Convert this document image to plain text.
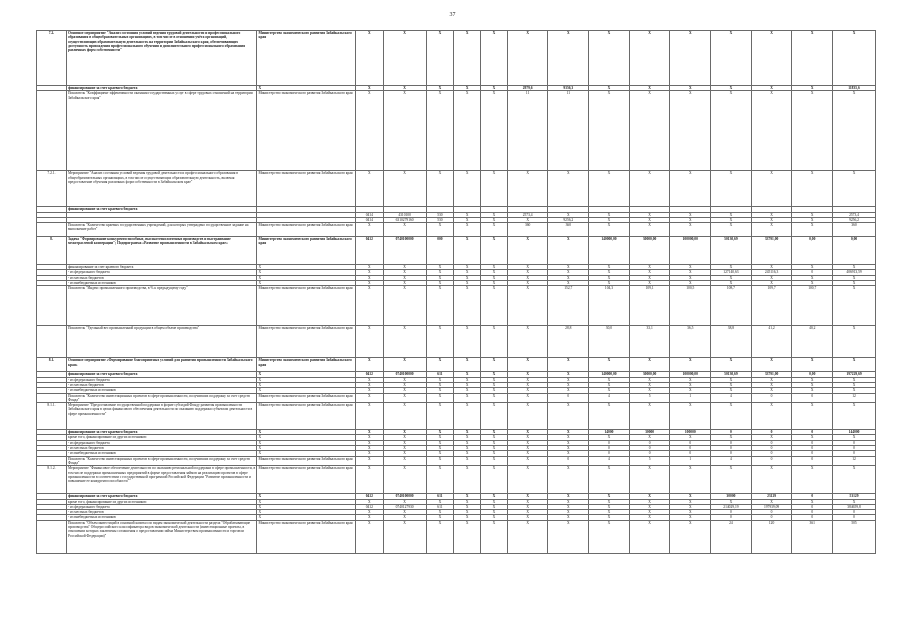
37
7.2.	Основное мероприятие "Анализ состояния условий ведения трудовой деятельности и профессионального образования в общеобразовательных организациях, в том числе в отношении учёта организаций, осуществляющих образовательную деятельность на территории Забайкальского края, обеспечивающих доступность прохождения профессионального обучения и дополнительного профессионального образования различных форм собственности"	Министерство экономического развития Забайкальского края	Х	Х	Х	Х	Х	Х	Х	Х	Х	Х	Х	Х	Х	Х
	финансирование за счет краевого бюджета	Х	Х	Х	Х	Х	Х	2979,6	9356,3	Х	Х	Х	Х	Х	Х	11835,6
	Показатель "Коэффициент эффективности оказания государственных услуг в сфере трудовых отношений на территории Забайкальского края"	Министерство экономического развития Забайкальского края	Х	Х	Х	Х	Х	11	11	Х	Х	Х	Х	Х	Х	Х
7.2.1.	Мероприятие "Анализ состояния условий ведения трудовой деятельности и профессионального образования в общеобразовательных организациях, в том числе осуществляющих образовательную деятельность, включая предоставление обучения различных форм собственности в Забайкальском крае"	Министерство экономического развития Забайкальского края	Х	Х	Х	Х	Х	Х	Х	Х	Х	Х	Х	Х	Х	Х
	финансирование за счет краевого бюджета															
			0414	4310100	530	Х	Х	2573,4	Х	Х	Х	Х	Х	Х	Х	2573,4
			0414	6310279160	530	Х	Х	Х	9256,2	Х	Х	Х	Х	Х	Х	9256,2
	Показатель "Количество краевых государственных учреждений, для которых утверждено государственное задание на выполнение работ"	Министерство экономического развития Забайкальского края	Х	Х	Х	Х	Х	360	360	Х	Х	Х	Х	Х	Х	360
8.	Задача "Формирование конкурентоспособных, высокотехнологичных производств и выстраивание межотраслевой кооперации"; Подпрограмма «Развитие промышленности в Забайкальском крае»	Министерство экономического развития Забайкальского края	0412	0740100000	000	Х	Х	Х	Х	140000,00	30000,00	100000,00	50130,69	33791,00	0,00	0,00
	финансирование за счет краевого бюджета	Х	Х	Х	Х	Х	Х	Х	Х	Х	Х	Х	Х	Х	Х	Х
	- из федерального бюджета	Х	Х	Х	Х	Х	Х	Х	Х	Х	Х	Х	127140,63	245116,3	0	406913,59
	- из местных бюджетов	Х	Х	Х	Х	Х	Х	Х	Х	Х	Х	Х	Х	Х	Х	Х
	- из внебюджетных источников	Х	Х	Х	Х	Х	Х	Х	Х	Х	Х	Х	Х	Х	Х	Х
	Показатель "Индекс промышленного производства, в % к предыдущему году"	Министерство экономического развития Забайкальского края	Х	Х	Х	Х	Х	Х	152,7	104,3	109,1	100,5	108,7	109,7	100,7	Х
	Показатель "Удельный вес промышленной продукции в общем объеме производства"	Министерство экономического развития Забайкальского края	Х	Х	Х	Х	Х	Х	28,8	30,0	33,1	36,5	38,8	41,2	40,2	Х
8.1.	Основное мероприятие «Формирование благоприятных условий для развития промышленности Забайкальского края»	Министерство экономического развития Забайкальского края	Х	Х	Х	Х	Х	Х	Х	Х	Х	Х	Х	Х	Х	Х
	финансирование за счет краевого бюджета	Х	0412	0740100000	611	Х	Х	Х	Х	140000,00	30000,00	100000,00	50130,69	33791,00	0,00	197229,69
	- из федерального бюджета	Х	Х	Х	Х	Х	Х	Х	Х	Х	Х	Х	Х	Х	Х	Х
	- из местных бюджетов	Х	Х	Х	Х	Х	Х	Х	Х	Х	Х	Х	Х	Х	Х	Х
	- из внебюджетных источников	Х	Х	Х	Х	Х	Х	Х	Х	Х	Х	Х	Х	Х	Х	Х
	Показатель "Количество инвестиционных проектов в сфере промышленности, получивших поддержку за счет средств Фонда"	Министерство экономического развития Забайкальского края	Х	Х	Х	Х	Х	Х	0	4	5	1	4	0	0	12
8.1.1.	Мероприятие "Предоставление государственной поддержки в форме субсидий Фонду развития промышленности Забайкальского края в целях финансового обеспечения деятельности по оказанию поддержки субъектам деятельности в сфере промышленности"	Министерство экономического развития Забайкальского края	Х	Х	Х	Х	Х	Х	Х	Х	Х	Х	Х	Х	Х	Х
	финансирование за счет краевого бюджета	Х	Х	Х	Х	Х	Х	Х	Х	14000	30000	100000	0	0	0	144000
	кроме того, финансирование из других источников:	Х	Х	Х	Х	Х	Х	Х	Х	Х	Х	Х	Х	Х	Х	Х
	- из федерального бюджета	Х	Х	Х	Х	Х	Х	Х	Х	0	0	0	0	0	0	0
	- из местных бюджетов	Х	Х	Х	Х	Х	Х	Х	Х	0	0	0	0	0	0	0
	- из внебюджетных источников	Х	Х	Х	Х	Х	Х	Х	Х	0	0	0	0	0	0	0
	Показатель "Количество инвестиционных проектов в сфере промышленности, получивших поддержку за счет средств Фонда"	Министерство экономического развития Забайкальского края	Х	Х	Х	Х	Х	Х	0	4	5	1	4	0	0	12
8.1.2.	Мероприятие "Финансовое обеспечение деятельности по оказанию региональной поддержки в сфере промышленности, в том числе поддержки промышленных предприятий в форме предоставления займов на реализацию проектов в сфере промышленности в соответствии с государственной программой Российской Федерации "Развитие промышленности и повышение ее конкурентоспособности""	Министерство экономического развития Забайкальского края	Х	Х	Х	Х	Х	Х	Х	Х	Х	Х	Х	Х	Х	Х
	финансирование за счет краевого бюджета	Х	0412	0740100000	611	Х	Х	Х	Х	Х	Х	Х	30000	23129	0	53129
	кроме того, финансирование из других источников:	Х	Х	Х	Х	Х	Х	Х	Х	Х	Х	Х	Х	Х	Х	Х
	- из федерального бюджета	Х	0412	0740127930	611	Х	Х	Х	Х	Х	Х	Х	214029,19	197939,09	0	384659,8
	- из местных бюджетов	Х	Х	Х	Х	Х	Х	Х	Х	Х	Х	Х	0	0	0	0
	- из внебюджетных источников	Х	Х	Х	Х	Х	Х	Х	Х	Х	Х	Х	0	0	0	0
	Показатель "Объем инвестиций в основной капитал по видам экономической деятельности раздела "Обрабатывающие производства" Общероссийского классификатора видов экономической деятельности (инвестиционные проекты, в отношении которых заключены соглашения о предоставлении займа Министерством промышленности и торговли Российской Федерации)"	Министерство экономического развития Забайкальского края	Х	Х	Х	Х	Х	Х	Х	Х	Х	Х	24	120	361	505
